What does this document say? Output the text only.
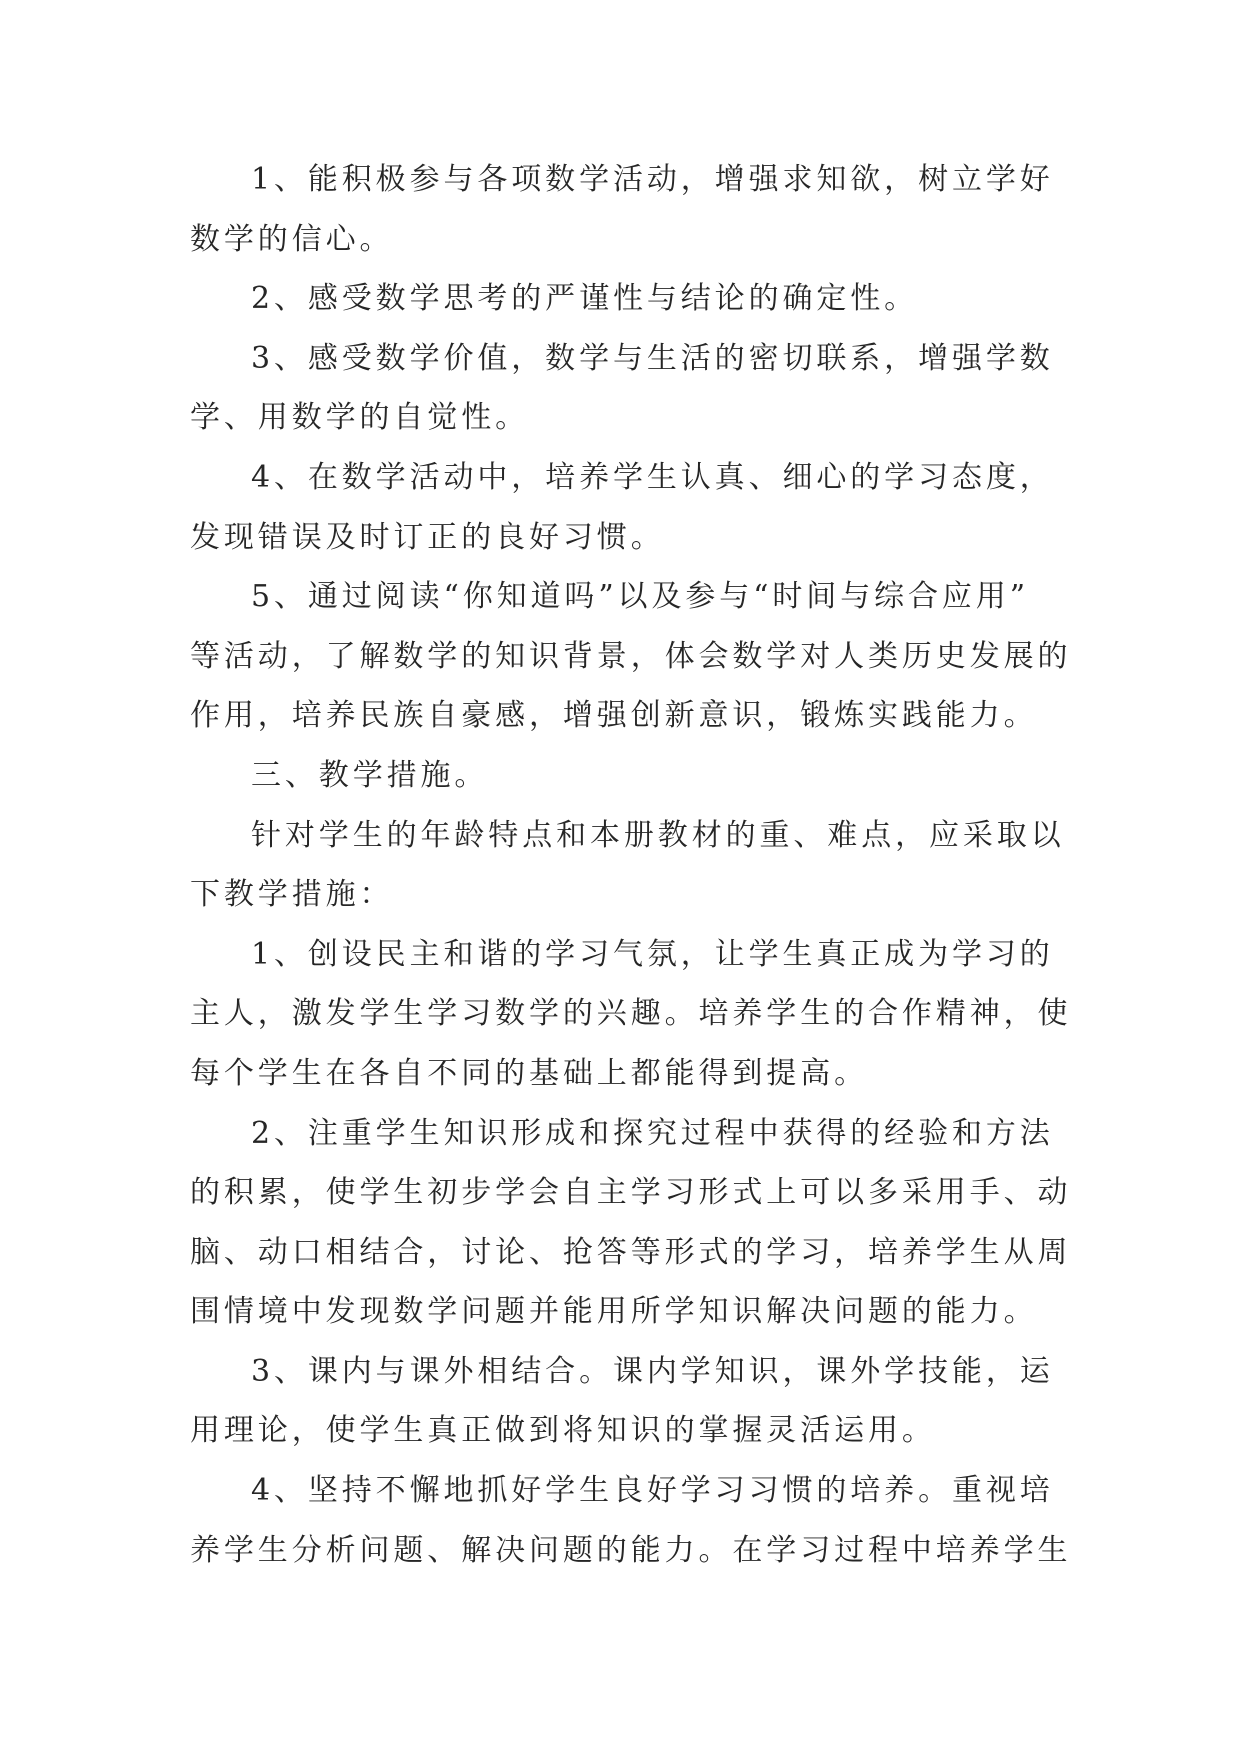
1、能积极参与各项数学活动，增强求知欲，树立学好
数学的信心。

2、感受数学思考的严谨性与结论的确定性。

3、感受数学价值，数学与生活的密切联系，增强学数
学、用数学的自觉性。

4、在数学活动中，培养学生认真、细心的学习态度，
发现错误及时订正的良好习惯。

5、通过阅读“你知道吗”以及参与“时间与综合应用”
等活动，了解数学的知识背景，体会数学对人类历史发展的
作用，培养民族自豪感，增强创新意识，锻炼实践能力。

三、教学措施。

针对学生的年龄特点和本册教材的重、难点，应采取以
下教学措施：

1、创设民主和谐的学习气氛，让学生真正成为学习的
主人，激发学生学习数学的兴趣。培养学生的合作精神，使
每个学生在各自不同的基础上都能得到提高。

2、注重学生知识形成和探究过程中获得的经验和方法
的积累，使学生初步学会自主学习形式上可以多采用手、动
脑、动口相结合，讨论、抢答等形式的学习，培养学生从周
围情境中发现数学问题并能用所学知识解决问题的能力。

3、课内与课外相结合。课内学知识，课外学技能，运
用理论，使学生真正做到将知识的掌握灵活运用。

4、坚持不懈地抓好学生良好学习习惯的培养。重视培
养学生分析问题、解决问题的能力。在学习过程中培养学生
